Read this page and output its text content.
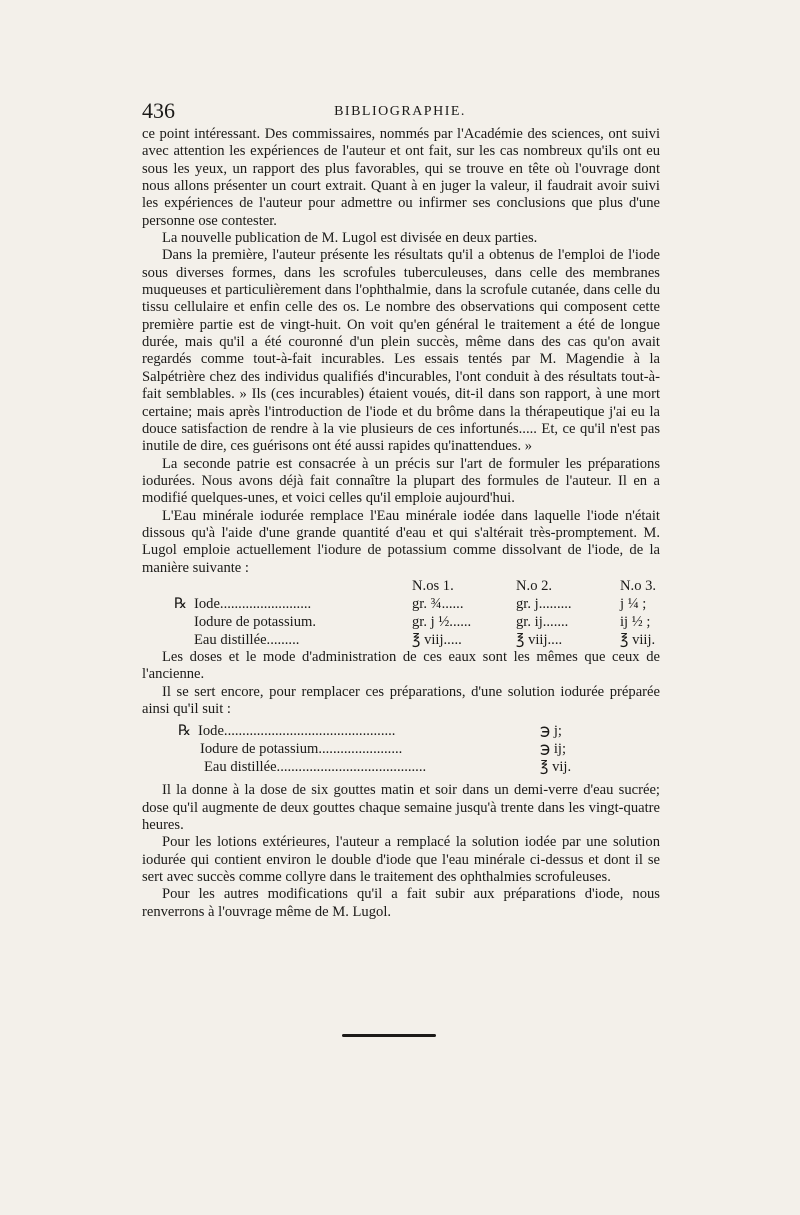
436	BIBLIOGRAPHIE.

ce point intéressant. Des commissaires, nommés par l'Académie des sciences, ont suivi avec attention les expériences de l'auteur et ont fait, sur les cas nombreux qu'ils ont eu sous les yeux, un rapport des plus favorables, qui se trouve en tête où l'ouvrage dont nous allons présenter un court extrait. Quant à en juger la valeur, il faudrait avoir suivi les expériences de l'auteur pour admettre ou infirmer ses conclusions que plus d'une personne ose contester.

La nouvelle publication de M. Lugol est divisée en deux parties.

Dans la première, l'auteur présente les résultats qu'il a obtenus de l'emploi de l'iode sous diverses formes, dans les scrofules tuberculeuses, dans celle des membranes muqueuses et particulièrement dans l'ophthalmie, dans la scrofule cutanée, dans celle du tissu cellulaire et enfin celle des os. Le nombre des observations qui composent cette première partie est de vingt-huit. On voit qu'en général le traitement a été de longue durée, mais qu'il a été couronné d'un plein succès, même dans des cas qu'on avait regardés comme tout-à-fait incurables. Les essais tentés par M. Magendie à la Salpétrière chez des individus qualifiés d'incurables, l'ont conduit à des résultats tout-à-fait semblables. » Ils (ces incurables) étaient voués, dit-il dans son rapport, à une mort certaine; mais après l'introduction de l'iode et du brôme dans la thérapeutique j'ai eu la douce satisfaction de rendre à la vie plusieurs de ces infortunés..... Et, ce qu'il n'est pas inutile de dire, ces guérisons ont été aussi rapides qu'inattendues. »

La seconde patrie est consacrée à un précis sur l'art de formuler les préparations iodurées. Nous avons déjà fait connaître la plupart des formules de l'auteur. Il en a modifié quelques-unes, et voici celles qu'il emploie aujourd'hui.

L'Eau minérale iodurée remplace l'Eau minérale iodée dans laquelle l'iode n'était dissous qu'à l'aide d'une grande quantité d'eau et qui s'altérait très-promptement. M. Lugol emploie actuellement l'iodure de potassium comme dissolvant de l'iode, de la manière suivante :

	N.os 1.	N.o 2.	N.o 3.
℞ Iode.........................	gr. ¾......	gr. j.........	j ¼ ;
Iodure de potassium.	gr. j ½......	gr. ij.......	ij ½ ;
Eau distillée.........	℥ viij.....	℥ viij....	℥ viij.

Les doses et le mode d'administration de ces eaux sont les mêmes que ceux de l'ancienne.

Il se sert encore, pour remplacer ces préparations, d'une solution iodurée préparée ainsi qu'il suit :

℞ Iode...............................................	℈ j;
Iodure de potassium.......................	℈ ij;
Eau distillée.........................................	℥ vij.

Il la donne à la dose de six gouttes matin et soir dans un demi-verre d'eau sucrée; dose qu'il augmente de deux gouttes chaque semaine jusqu'à trente dans les vingt-quatre heures.

Pour les lotions extérieures, l'auteur a remplacé la solution iodée par une solution iodurée qui contient environ le double d'iode que l'eau minérale ci-dessus et dont il se sert avec succès comme collyre dans le traitement des ophthalmies scrofuleuses.

Pour les autres modifications qu'il a fait subir aux préparations d'iode, nous renverrons à l'ouvrage même de M. Lugol.
